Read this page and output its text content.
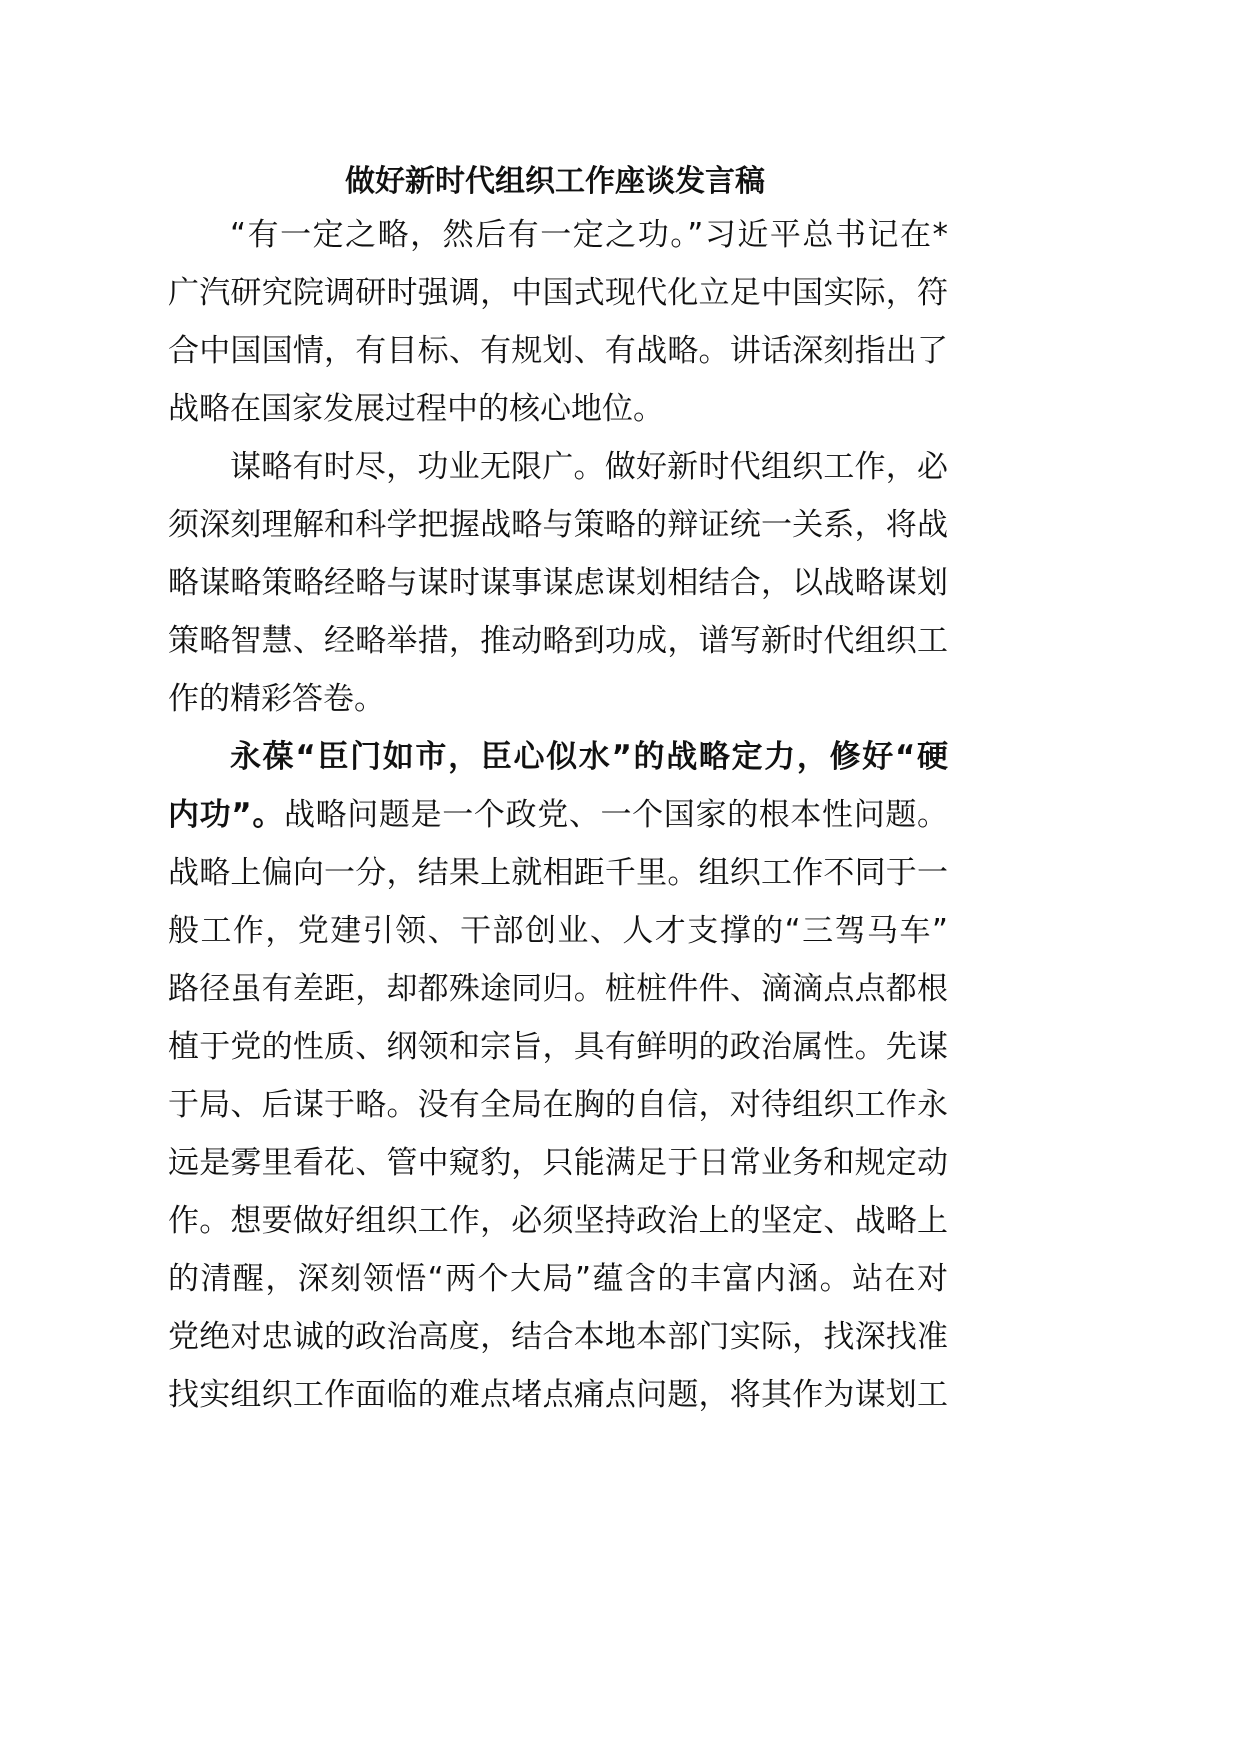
做好新时代组织工作座谈发言稿
“有一定之略，然后有一定之功。”习近平总书记在*
广汽研究院调研时强调，中国式现代化立足中国实际，符
合中国国情，有目标、有规划、有战略。讲话深刻指出了
战略在国家发展过程中的核心地位。
谋略有时尽，功业无限广。做好新时代组织工作，必
须深刻理解和科学把握战略与策略的辩证统一关系，将战
略谋略策略经略与谋时谋事谋虑谋划相结合，以战略谋划
策略智慧、经略举措，推动略到功成，谱写新时代组织工
作的精彩答卷。
永葆“臣门如市，臣心似水”的战略定力，修好“硬
内功”。战略问题是一个政党、一个国家的根本性问题。
战略上偏向一分，结果上就相距千里。组织工作不同于一
般工作，党建引领、干部创业、人才支撑的“三驾马车”
路径虽有差距，却都殊途同归。桩桩件件、滴滴点点都根
植于党的性质、纲领和宗旨，具有鲜明的政治属性。先谋
于局、后谋于略。没有全局在胸的自信，对待组织工作永
远是雾里看花、管中窥豹，只能满足于日常业务和规定动
作。想要做好组织工作，必须坚持政治上的坚定、战略上
的清醒，深刻领悟“两个大局”蕴含的丰富内涵。站在对
党绝对忠诚的政治高度，结合本地本部门实际，找深找准
找实组织工作面临的难点堵点痛点问题，将其作为谋划工
